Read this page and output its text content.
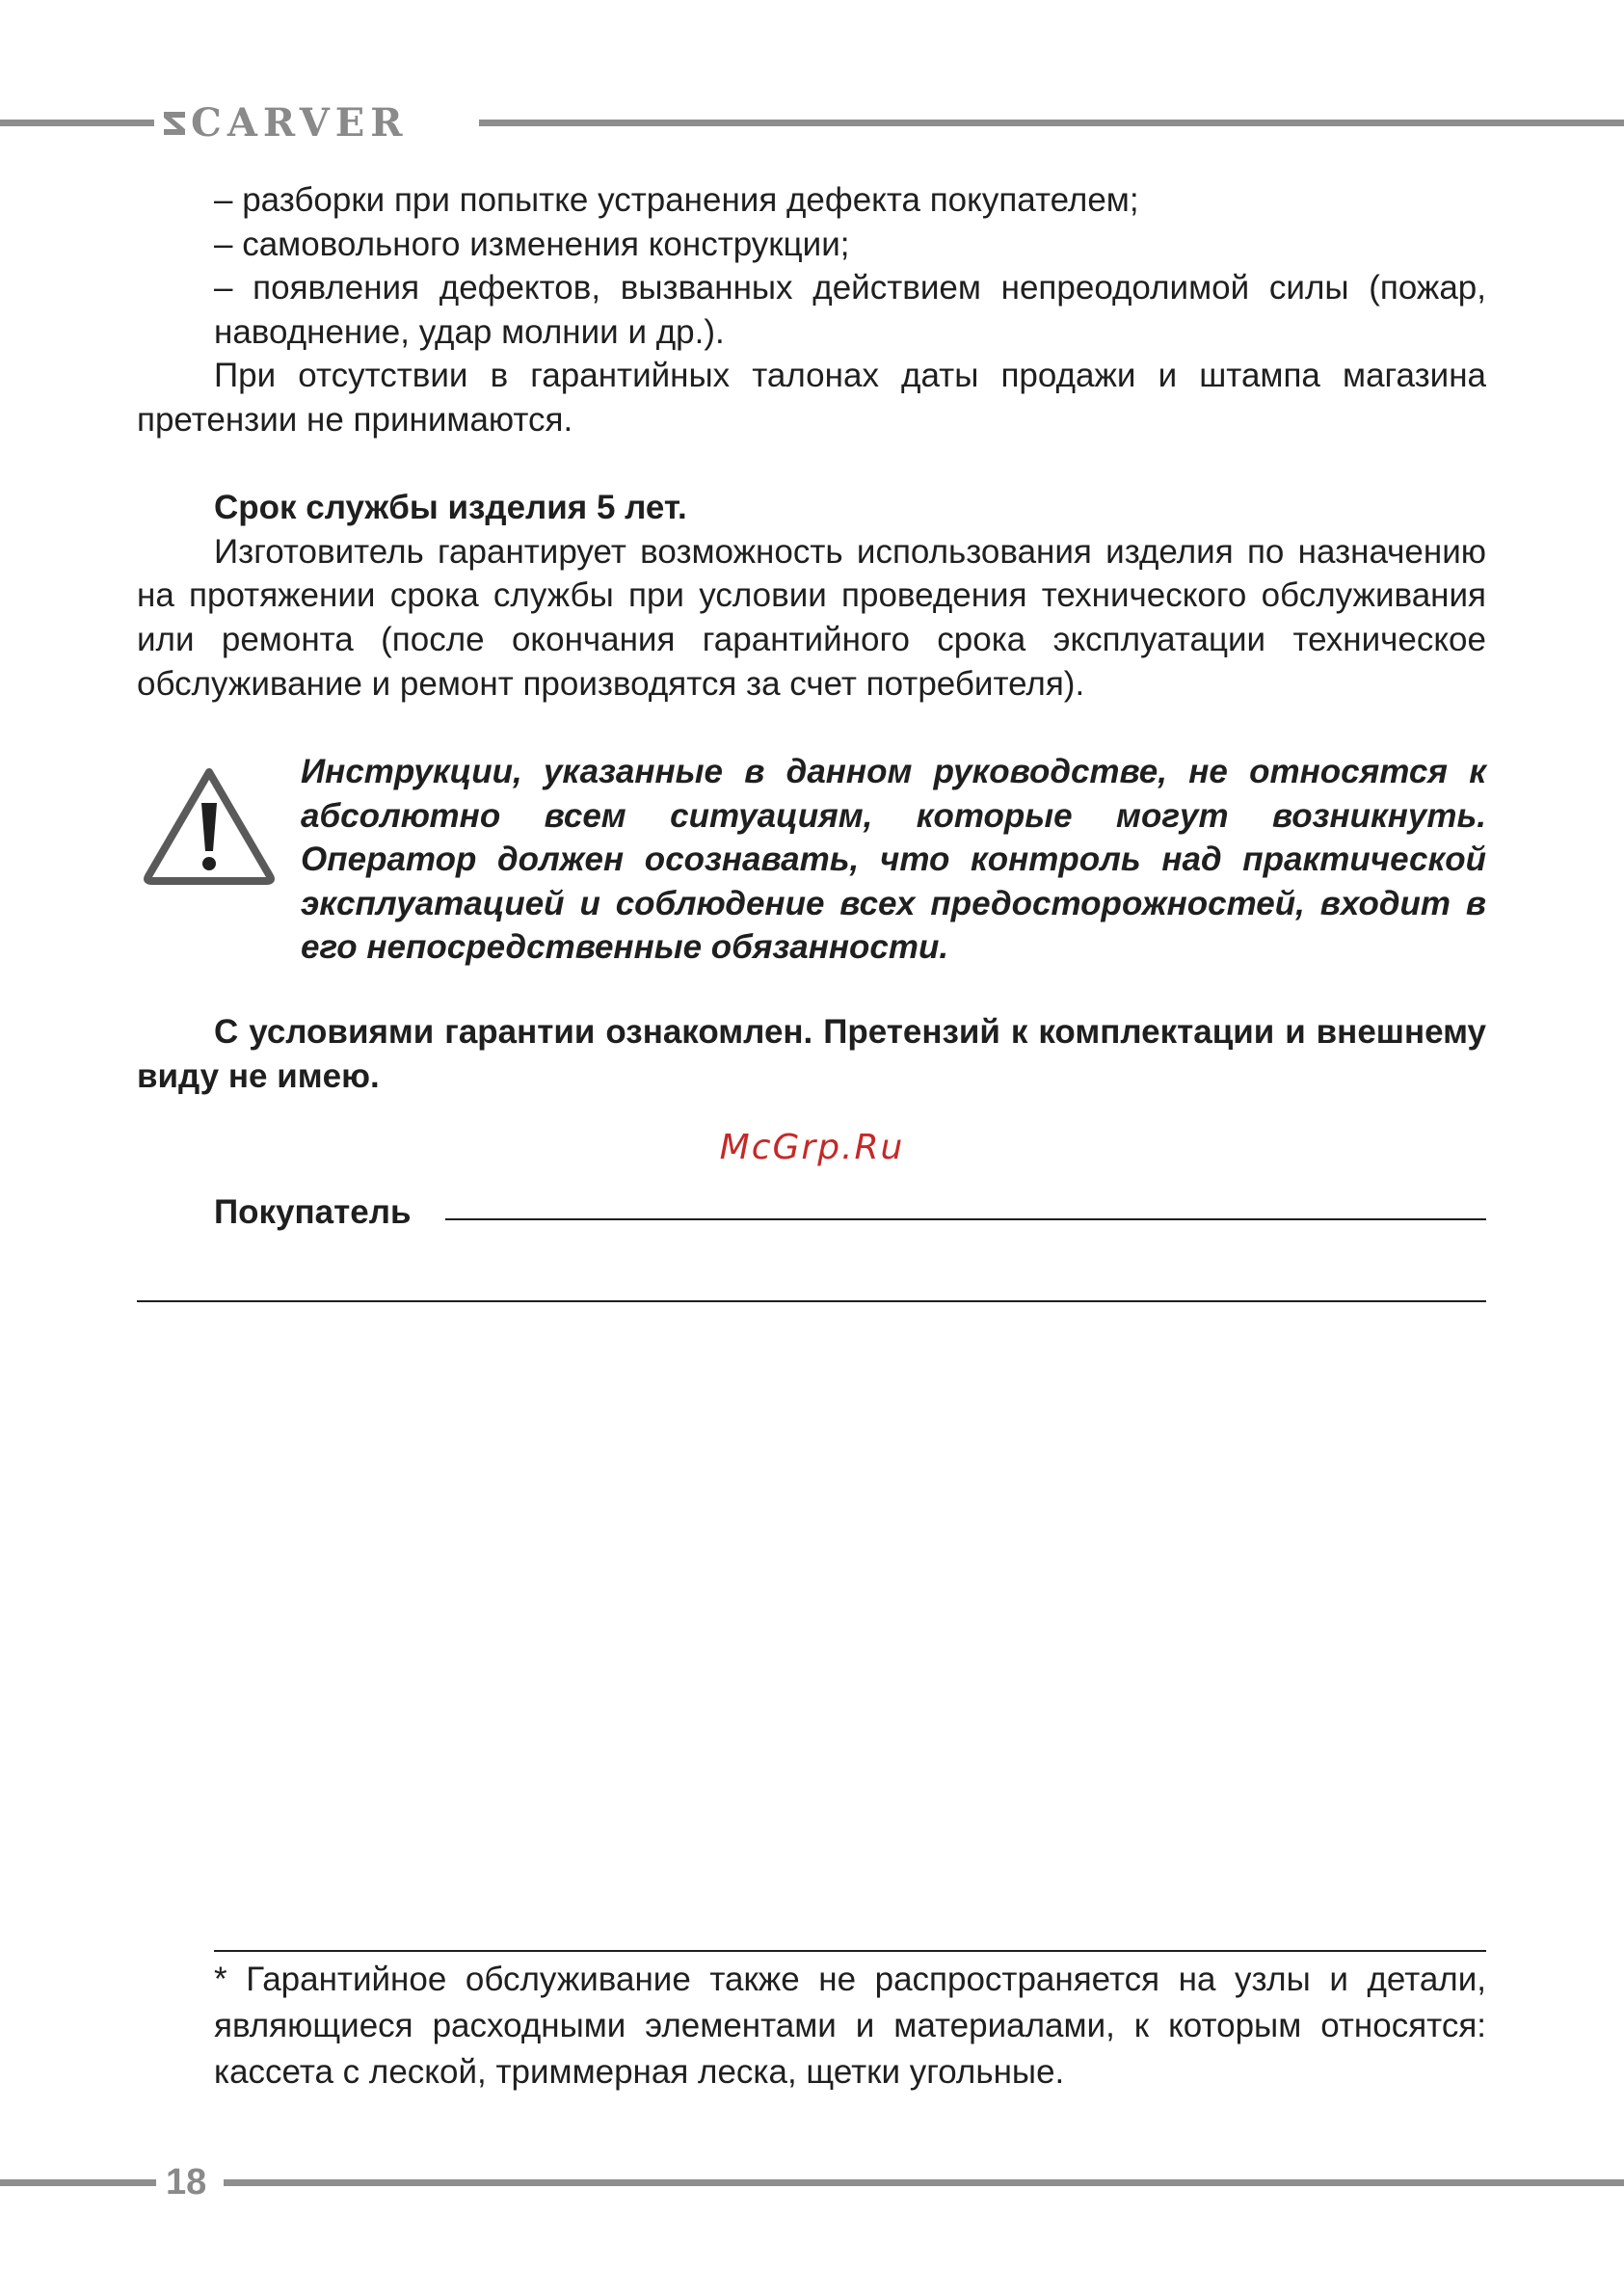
CARVER

– разборки при попытке устранения дефекта покупателем;

– самовольного изменения конструкции;

– появления дефектов, вызванных действием непреодолимой силы (пожар, наводнение, удар молнии и др.).

При отсутствии в гарантийных талонах даты продажи и штампа магазина претензии не принимаются.

Срок службы изделия 5 лет.

Изготовитель гарантирует возможность использования изделия по назначению на протяжении срока службы при условии проведения технического обслуживания или ремонта (после окончания гарантийного срока эксплуатации техническое обслуживание и ремонт производятся за счет потребителя).

Инструкции, указанные в данном руководстве, не относятся к абсолютно всем ситуациям, которые могут возникнуть. Оператор должен осознавать, что контроль над практической эксплуатацией и соблюдение всех предосторожностей, входит в его непосредственные обязанности.

С условиями гарантии ознакомлен. Претензий к комплектации и внешнему виду не имею.

McGrp.Ru
Покупатель

* Гарантийное обслуживание также не распространяется на узлы и детали, являющиеся расходными элементами и материалами, к которым относятся: кассета с леской, триммерная леска, щетки угольные.

18
